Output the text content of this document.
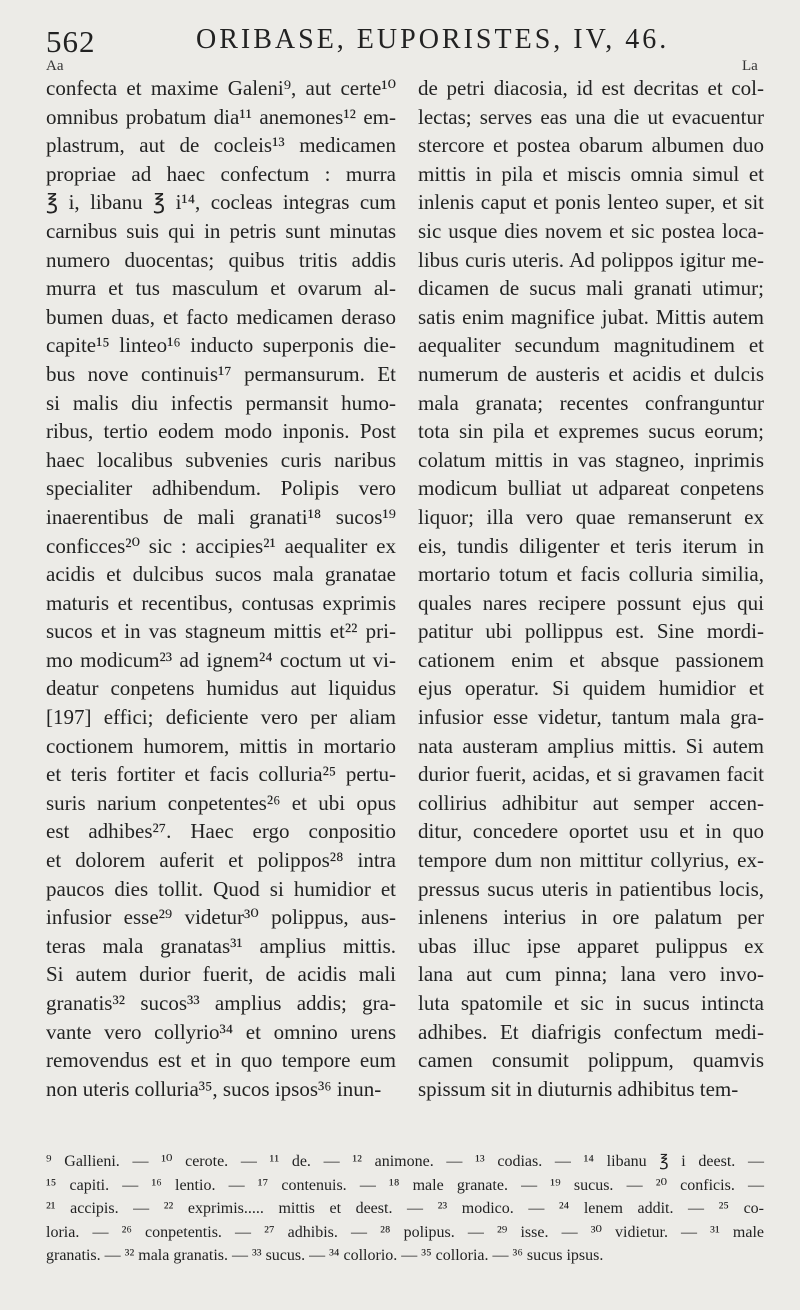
562	ORIBASE, EUPORISTES, IV, 46.
Aa	La
confecta et maxime Galeni⁹, aut certe¹⁰
omnibus probatum dia¹¹ anemones¹² em-
plastrum, aut de cocleis¹³ medicamen
propriae ad haec confectum : murra
℥ i, libanu ℥ i¹⁴, cocleas integras cum
carnibus suis qui in petris sunt minutas
numero duocentas; quibus tritis addis
murra et tus masculum et ovarum al-
bumen duas, et facto medicamen deraso
capite¹⁵ linteo¹⁶ inducto superponis die-
bus nove continuis¹⁷ permansurum. Et
si malis diu infectis permansit humo-
ribus, tertio eodem modo inponis. Post
haec localibus subvenies curis naribus
specialiter adhibendum. Polipis vero
inaerentibus de mali granati¹⁸ sucos¹⁹
conficces²⁰ sic : accipies²¹ aequaliter ex
acidis et dulcibus sucos mala granatae
maturis et recentibus, contusas exprimis
sucos et in vas stagneum mittis et²² pri-
mo modicum²³ ad ignem²⁴ coctum ut vi-
deatur conpetens humidus aut liquidus
[197] effici; deficiente vero per aliam
coctionem humorem, mittis in mortario
et teris fortiter et facis colluria²⁵ pertu-
suris narium conpetentes²⁶ et ubi opus
est adhibes²⁷. Haec ergo conpositio
et dolorem auferit et polippos²⁸ intra
paucos dies tollit. Quod si humidior et
infusior esse²⁹ videtur³⁰ polippus, aus-
teras mala granatas³¹ amplius mittis.
Si autem durior fuerit, de acidis mali
granatis³² sucos³³ amplius addis; gra-
vante vero collyrio³⁴ et omnino urens
removendus est et in quo tempore eum
non uteris colluria³⁵, sucos ipsos³⁶ inun-
de petri diacosia, id est decritas et col-
lectas; serves eas una die ut evacuentur
stercore et postea obarum albumen duo
mittis in pila et miscis omnia simul et
inlenis caput et ponis lenteo super, et sit
sic usque dies novem et sic postea loca-
libus curis uteris. Ad polippos igitur me-
dicamen de sucus mali granati utimur;
satis enim magnifice jubat. Mittis autem
aequaliter secundum magnitudinem et
numerum de austeris et acidis et dulcis
mala granata; recentes confranguntur
tota sin pila et expremes sucus eorum;
colatum mittis in vas stagneo, inprimis
modicum bulliat ut adpareat conpetens
liquor; illa vero quae remanserunt ex
eis, tundis diligenter et teris iterum in
mortario totum et facis colluria similia,
quales nares recipere possunt ejus qui
patitur ubi pollippus est. Sine mordi-
cationem enim et absque passionem
ejus operatur. Si quidem humidior et
infusior esse videtur, tantum mala gra-
nata austeram amplius mittis. Si autem
durior fuerit, acidas, et si gravamen facit
collirius adhibitur aut semper accen-
ditur, concedere oportet usu et in quo
tempore dum non mittitur collyrius, ex-
pressus sucus uteris in patientibus locis,
inlenens interius in ore palatum per
ubas illuc ipse apparet pulippus ex
lana aut cum pinna; lana vero invo-
luta spatomile et sic in sucus intincta
adhibes. Et diafrigis confectum medi-
camen consumit polippum, quamvis
spissum sit in diuturnis adhibitus tem-
⁹ Gallieni. — ¹⁰ cerote. — ¹¹ de. — ¹² animone. — ¹³ codias. — ¹⁴ libanu ℥ i deest. —
¹⁵ capiti. — ¹⁶ lentio. — ¹⁷ contenuis. — ¹⁸ male granate. — ¹⁹ sucus. — ²⁰ conficis. —
²¹ accipis. — ²² exprimis..... mittis et deest. — ²³ modico. — ²⁴ lenem addit. — ²⁵ co-
loria. — ²⁶ conpetentis. — ²⁷ adhibis. — ²⁸ polipus. — ²⁹ isse. — ³⁰ vidietur. — ³¹ male
granatis. — ³² mala granatis. — ³³ sucus. — ³⁴ collorio. — ³⁵ colloria. — ³⁶ sucus ipsus.
